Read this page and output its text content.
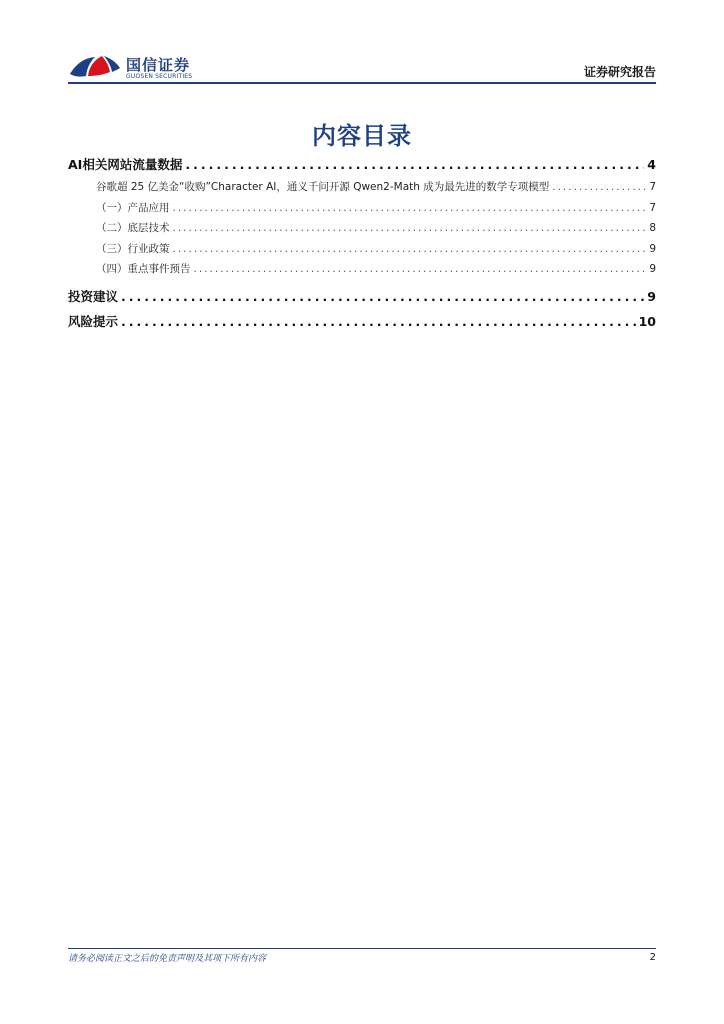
国信证券
GUOSEN SECURITIES	证券研究报告
内容目录
AI相关网站流量数据 .....	4
谷歌超 25 亿美金“收购”Character AI，通义千问开源 Qwen2-Math 成为最先进的数学专项模型 .....	7
（一）产品应用 .....	7
（二）底层技术 .....	8
（三）行业政策 .....	9
（四）重点事件预告 .....	9
投资建议 .....	9
风险提示 .....	10
请务必阅读正文之后的免责声明及其项下所有内容	2
